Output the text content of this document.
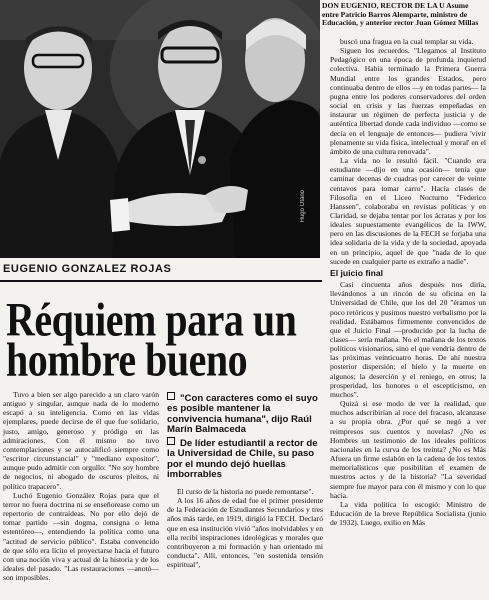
Hugo Otaño
DON EUGENIO, RECTOR DE LA U Asume entre Patricio Barros Alemparte, ministro de Educación, y anterior rector Juan Gómez Millas

buscó una fragua en la cual templar su vida.

Siguen los recuerdos. "Llegamos al Instituto Pedagógico en una época de profunda inquietud colectiva. Había terminado la Primera Guerra Mundial entre los grandes Estados, pero continuaba dentro de ellos —y en todas partes— la pugna entre los poderes conservadores del orden social en crisis y las fuerzas empeñadas en instaurar un régimen de perfecta justicia y de auténtica libertad donde cada individuo —como se decía en el lenguaje de entonces— pudiera 'vivir plenamente su vida física, intelectual y moral' en el ámbito de una cultura renovada".

La vida no le resultó fácil. "Cuando era estudiante —dijo en una ocasión— tenía que caminar decenas de cuadras por carecer de veinte centavos para tomar carro". Hacía clases de Filosofía en el Liceo Nocturno "Federico Hanssen", colaboraba en revistas políticas y en Claridad, se dejaba tentar por los ácratas y por los ideales supuestamente evangélicos de la IWW, pero en las discusiones de la FECH se forjaba una idea solidaria de la vida y de la sociedad, apoyada en un principio, aquel de que "nada de lo que sucede en cualquier parte es extraño a nadie".

El juicio final

Casi cincuenta años después nos diría, llevándonos a un rincón de su oficina en la Universidad de Chile, que los del 20 "éramos un poco retóricos y pusimos nuestro verbalismo por la realidad. Estábamos firmemente convencidos de que el Juicio Final —producido por la lucha de clases— sería mañana. No el mañana de los textos políticos visionarios, sino el que vendría dentro de las próximas veinticuatro horas. De ahí nuestra posterior dispersión; el hielo y la muerte en algunos; la deserción y el reniego, en otros; la prosperidad, los honores o el escepticismo, en muchos".

Quizá si ese modo de ver la realidad, que muchos adscribirían al roce del fracaso, alcanzase a su propia obra. ¿Por qué se negó a ver reimpresos sus cuentos y novelas? ¿No es Hombres un testimonio de los ideales políticos nacionales en la curva de los treinta? ¿No es Más Afuera un firme eslabón en la cadena de los textos memorialísticos que posibilitan el examen de nuestros actos y de la historia? "La severidad siempre fue mayor para con él mismo y con lo que hacía.

La vida política lo escogió: Ministro de Educación de la breve República Socialista (junio de 1932). Luego, exilio en Más

EUGENIO GONZALEZ ROJAS
Réquiem para un hombre bueno

Tuvo a bien ser algo parecido a un claro varón antiguo y singular, aunque nada de lo moderno escapó a su inteligencia. Como en las vidas ejemplares, puede decirse de él que fue solidario, justo, amigo, generoso y pródigo en las admiraciones. Con él mismo no tuvo contemplaciones y se autocalificó siempre como "escritor circunstancial" y "mediano expositor", aunque pudo admitir con orgullo: "No soy hombre de negocios, ni abogado de oscuros pleitos, ni político trapacero".

Luchó Eugenio González Rojas para que el terror no fuera doctrina ni se enseñorease como un repertorio de contraídeas. No por ello dejó de tomar partido —sin dogma, consigna o lema estentóreo—, entendiendo la política como una "actitud de servicio público". Estaba convencido de que sólo era lícito el proyectarse hacia el futuro con una noción viva y actual de la historia y de los ideales del pasado. "Las restauraciones —anotó— son imposibles.

"Con caracteres como el suyo es posible mantener la convivencia humana", dijo Raúl Marín Balmaceda
De líder estudiantil a rector de la Universidad de Chile, su paso por el mundo dejó huellas imborrables

El curso de la historia no puede remontarse".

A los 16 años de edad fue el primer presidente de la Federación de Estudiantes Secundarios y tres años más tarde, en 1919, dirigió la FECH. Declaró que en esa institución vivió "años inolvidables y en ella recibí inspiraciones ideológicas y morales que contribuyeron a mi formación y han orientado mi conducta". Allí, entonces, "en sostenida tensión espiritual",
